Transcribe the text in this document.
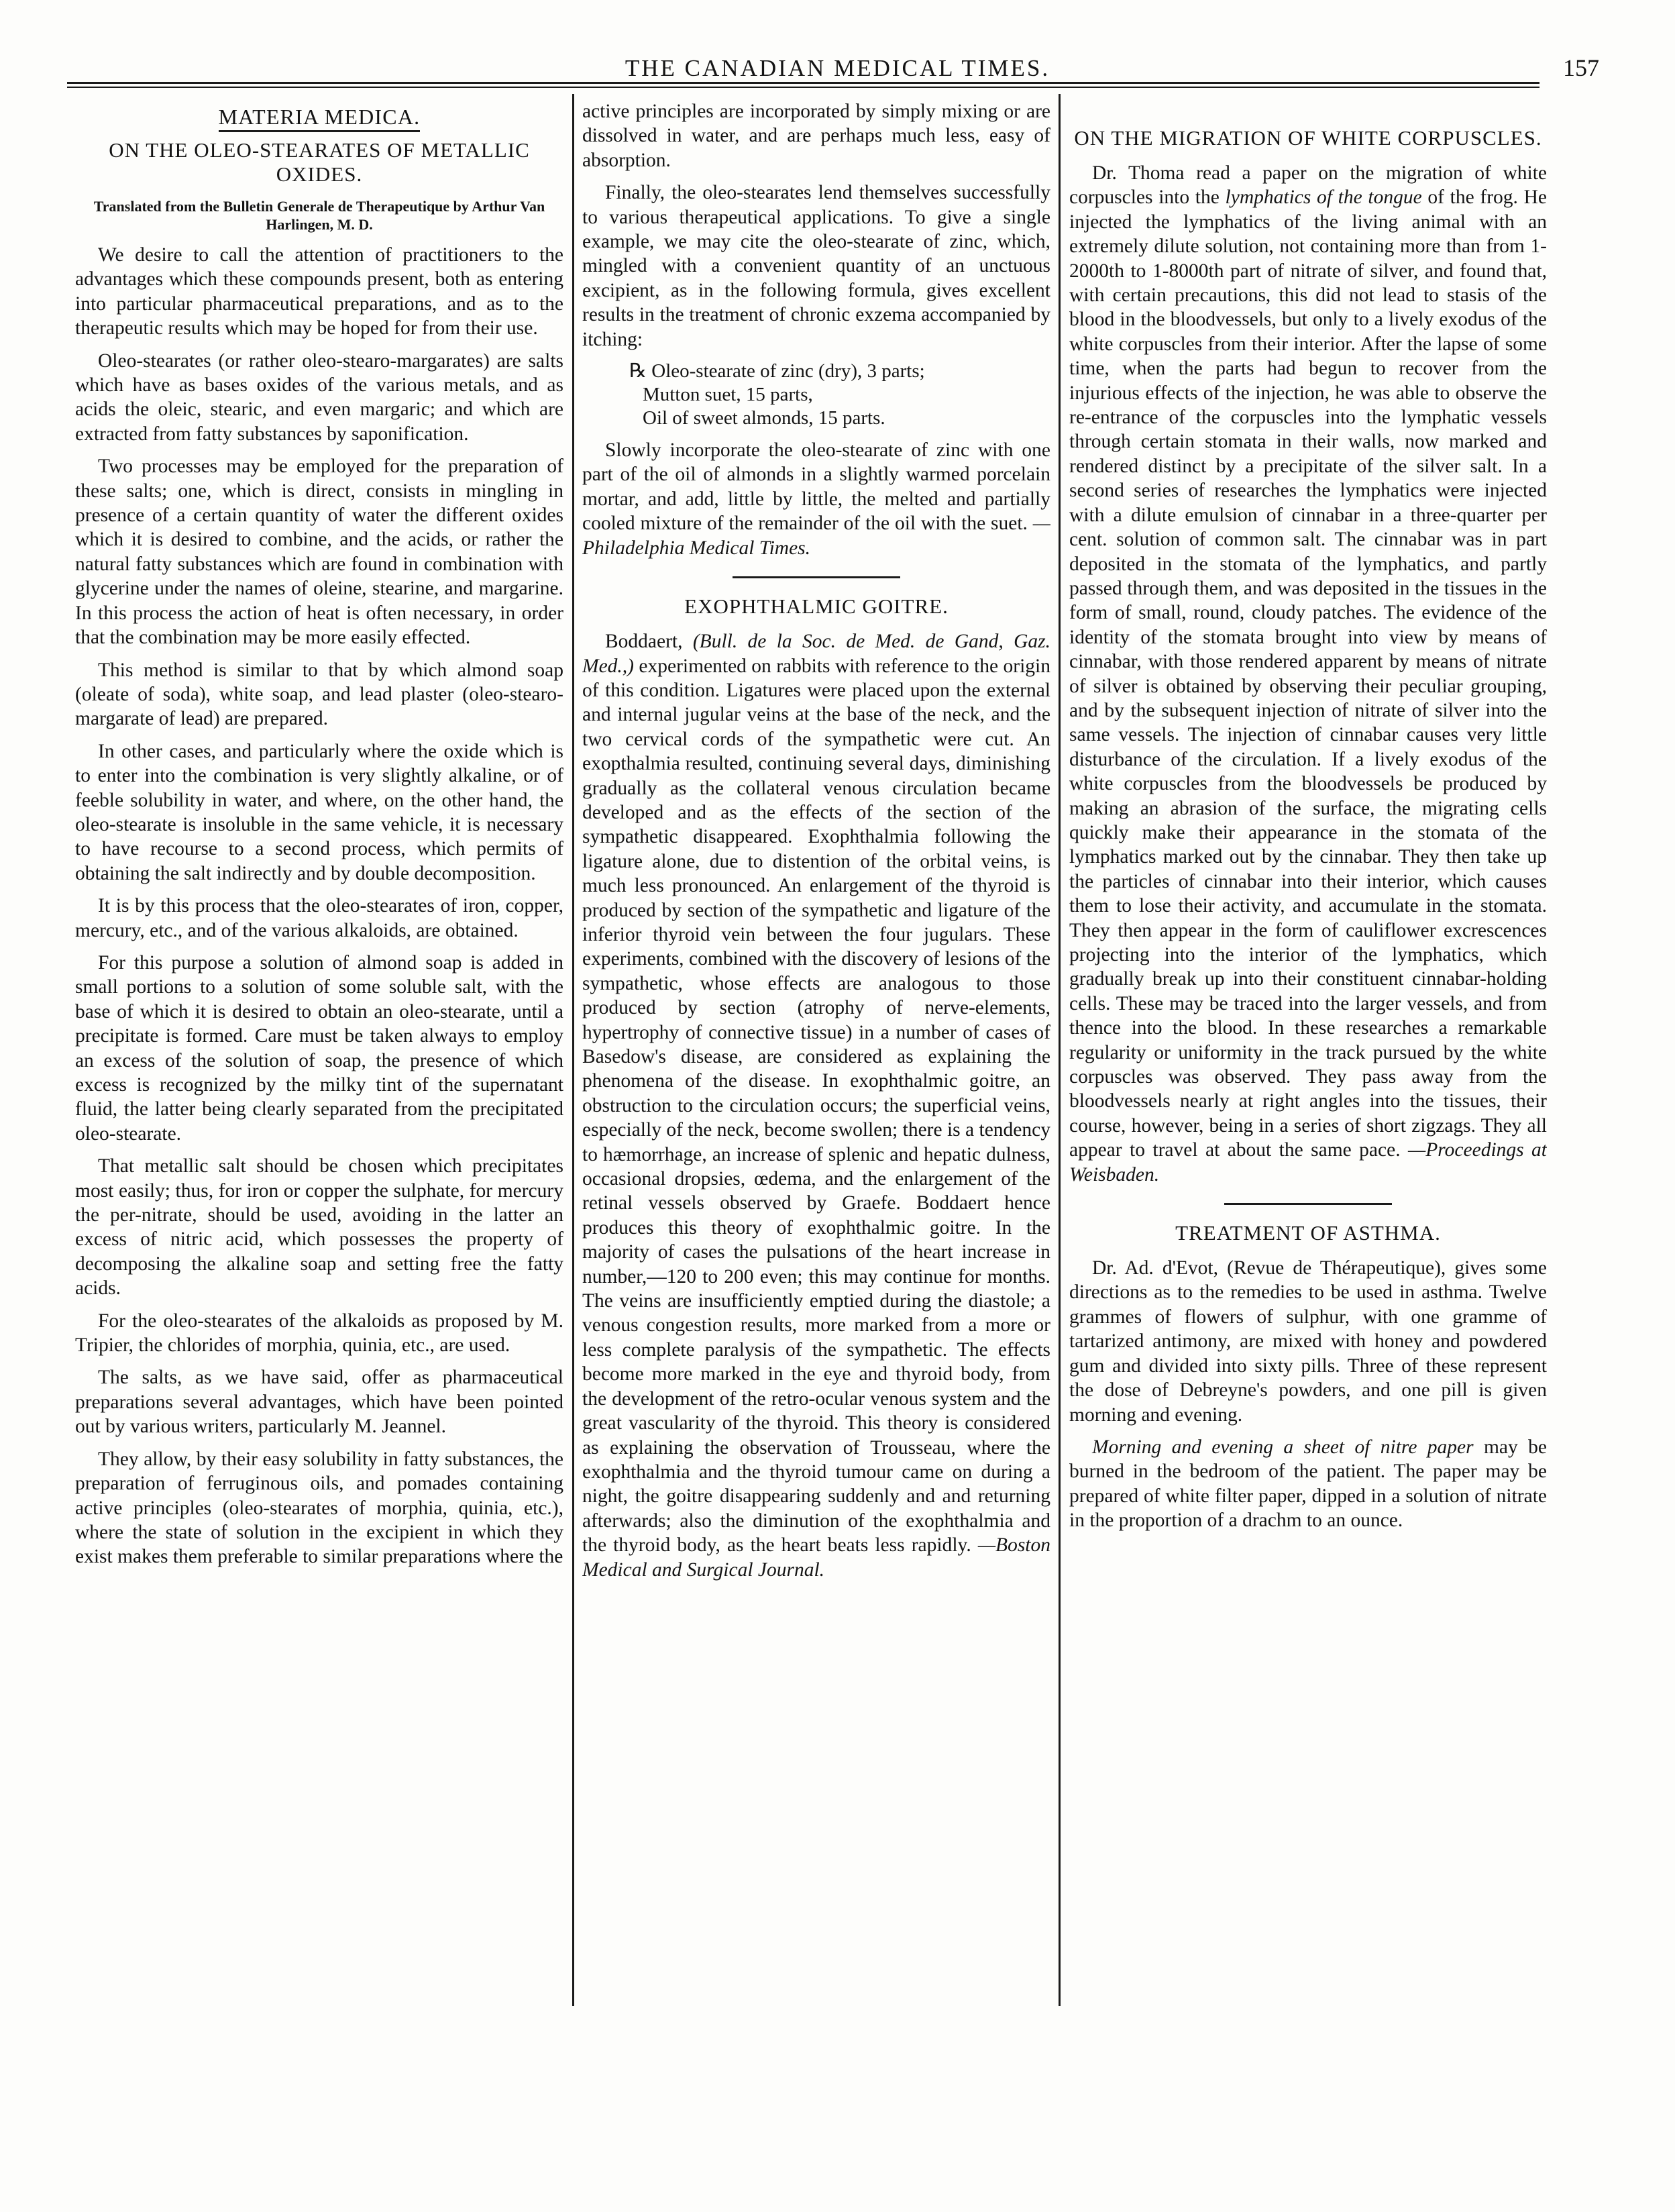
THE CANADIAN MEDICAL TIMES.	157
MATERIA MEDICA.
ON THE OLEO-STEARATES OF METALLIC OXIDES.

Translated from the Bulletin Generale de Therapeutique by Arthur Van Harlingen, M. D.

We desire to call the attention of practitioners to the advantages which these compounds present, both as entering into particular pharmaceutical preparations, and as to the therapeutic results which may be hoped for from their use.

Oleo-stearates (or rather oleo-stearo-margarates) are salts which have as bases oxides of the various metals, and as acids the oleic, stearic, and even margaric; and which are extracted from fatty substances by saponification.

Two processes may be employed for the preparation of these salts; one, which is direct, consists in mingling in presence of a certain quantity of water the different oxides which it is desired to combine, and the acids, or rather the natural fatty substances which are found in combination with glycerine under the names of oleine, stearine, and margarine. In this process the action of heat is often necessary, in order that the combination may be more easily effected.

This method is similar to that by which almond soap (oleate of soda), white soap, and lead plaster (oleo-stearo-margarate of lead) are prepared.

In other cases, and particularly where the oxide which is to enter into the combination is very slightly alkaline, or of feeble solubility in water, and where, on the other hand, the oleo-stearate is insoluble in the same vehicle, it is necessary to have recourse to a second process, which permits of obtaining the salt indirectly and by double decomposition.

It is by this process that the oleo-stearates of iron, copper, mercury, etc., and of the various alkaloids, are obtained.

For this purpose a solution of almond soap is added in small portions to a solution of some soluble salt, with the base of which it is desired to obtain an oleo-stearate, until a precipitate is formed. Care must be taken always to employ an excess of the solution of soap, the presence of which excess is recognized by the milky tint of the supernatant fluid, the latter being clearly separated from the precipitated oleo-stearate.

That metallic salt should be chosen which precipitates most easily; thus, for iron or copper the sulphate, for mercury the per-nitrate, should be used, avoiding in the latter an excess of nitric acid, which possesses the property of decomposing the alkaline soap and setting free the fatty acids.

For the oleo-stearates of the alkaloids as proposed by M. Tripier, the chlorides of morphia, quinia, etc., are used.

The salts, as we have said, offer as pharmaceutical preparations several advantages, which have been pointed out by various writers, particularly M. Jeannel.

They allow, by their easy solubility in fatty substances, the preparation of ferruginous oils, and pomades containing active principles (oleo-stearates of morphia, quinia, etc.), where the state of solution in the excipient in which they exist makes them preferable to similar preparations where the

active principles are incorporated by simply mixing or are dissolved in water, and are perhaps much less, easy of absorption.

Finally, the oleo-stearates lend themselves successfully to various therapeutical applications. To give a single example, we may cite the oleo-stearate of zinc, which, mingled with a convenient quantity of an unctuous excipient, as in the following formula, gives excellent results in the treatment of chronic exzema accompanied by itching:

℞ Oleo-stearate of zinc (dry), 3 parts;
Mutton suet, 15 parts,
Oil of sweet almonds, 15 parts.

Slowly incorporate the oleo-stearate of zinc with one part of the oil of almonds in a slightly warmed porcelain mortar, and add, little by little, the melted and partially cooled mixture of the remainder of the oil with the suet. —Philadelphia Medical Times.

EXOPHTHALMIC GOITRE.

Boddaert, (Bull. de la Soc. de Med. de Gand, Gaz. Med.,) experimented on rabbits with reference to the origin of this condition. Ligatures were placed upon the external and internal jugular veins at the base of the neck, and the two cervical cords of the sympathetic were cut. An exopthalmia resulted, continuing several days, diminishing gradually as the collateral venous circulation became developed and as the effects of the section of the sympathetic disappeared. Exophthalmia following the ligature alone, due to distention of the orbital veins, is much less pronounced. An enlargement of the thyroid is produced by section of the sympathetic and ligature of the inferior thyroid vein between the four jugulars. These experiments, combined with the discovery of lesions of the sympathetic, whose effects are analogous to those produced by section (atrophy of nerve-elements, hypertrophy of connective tissue) in a number of cases of Basedow's disease, are considered as explaining the phenomena of the disease. In exophthalmic goitre, an obstruction to the circulation occurs; the superficial veins, especially of the neck, become swollen; there is a tendency to hæmorrhage, an increase of splenic and hepatic dulness, occasional dropsies, œdema, and the enlargement of the retinal vessels observed by Graefe. Boddaert hence produces this theory of exophthalmic goitre. In the majority of cases the pulsations of the heart increase in number,—120 to 200 even; this may continue for months. The veins are insufficiently emptied during the diastole; a venous congestion results, more marked from a more or less complete paralysis of the sympathetic. The effects become more marked in the eye and thyroid body, from the development of the retro-ocular venous system and the great vascularity of the thyroid. This theory is considered as explaining the observation of Trousseau, where the exophthalmia and the thyroid tumour came on during a night, the goitre disappearing suddenly and and returning afterwards; also the diminution of the exophthalmia and the thyroid body, as the heart beats less rapidly. —Boston Medical and Surgical Journal.

ON THE MIGRATION OF WHITE CORPUSCLES.

Dr. Thoma read a paper on the migration of white corpuscles into the lymphatics of the tongue of the frog. He injected the lymphatics of the living animal with an extremely dilute solution, not containing more than from 1-2000th to 1-8000th part of nitrate of silver, and found that, with certain precautions, this did not lead to stasis of the blood in the bloodvessels, but only to a lively exodus of the white corpuscles from their interior. After the lapse of some time, when the parts had begun to recover from the injurious effects of the injection, he was able to observe the re-entrance of the corpuscles into the lymphatic vessels through certain stomata in their walls, now marked and rendered distinct by a precipitate of the silver salt. In a second series of researches the lymphatics were injected with a dilute emulsion of cinnabar in a three-quarter per cent. solution of common salt. The cinnabar was in part deposited in the stomata of the lymphatics, and partly passed through them, and was deposited in the tissues in the form of small, round, cloudy patches. The evidence of the identity of the stomata brought into view by means of cinnabar, with those rendered apparent by means of nitrate of silver is obtained by observing their peculiar grouping, and by the subsequent injection of nitrate of silver into the same vessels. The injection of cinnabar causes very little disturbance of the circulation. If a lively exodus of the white corpuscles from the bloodvessels be produced by making an abrasion of the surface, the migrating cells quickly make their appearance in the stomata of the lymphatics marked out by the cinnabar. They then take up the particles of cinnabar into their interior, which causes them to lose their activity, and accumulate in the stomata. They then appear in the form of cauliflower excrescences projecting into the interior of the lymphatics, which gradually break up into their constituent cinnabar-holding cells. These may be traced into the larger vessels, and from thence into the blood. In these researches a remarkable regularity or uniformity in the track pursued by the white corpuscles was observed. They pass away from the bloodvessels nearly at right angles into the tissues, their course, however, being in a series of short zigzags. They all appear to travel at about the same pace. —Proceedings at Weisbaden.

TREATMENT OF ASTHMA.

Dr. Ad. d'Evot, (Revue de Thérapeutique), gives some directions as to the remedies to be used in asthma. Twelve grammes of flowers of sulphur, with one gramme of tartarized antimony, are mixed with honey and powdered gum and divided into sixty pills. Three of these represent the dose of Debreyne's powders, and one pill is given morning and evening.

Morning and evening a sheet of nitre paper may be burned in the bedroom of the patient. The paper may be prepared of white filter paper, dipped in a solution of nitrate in the proportion of a drachm to an ounce.
